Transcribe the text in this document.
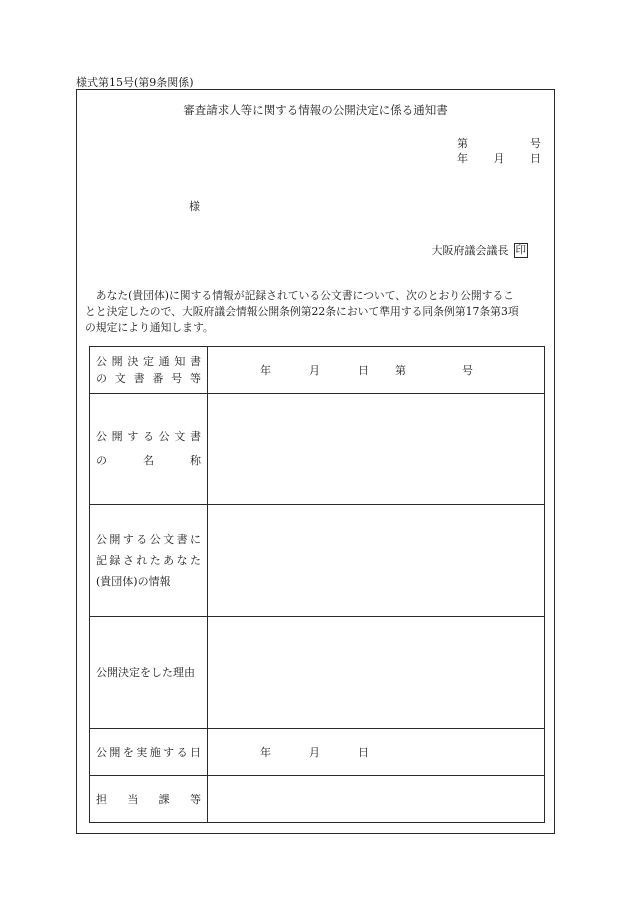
様式第15号(第9条関係)
審査請求人等に関する情報の公開決定に係る通知書
第	号
年 月 日
様
大阪府議会議長 印
あなた(貴団体)に関する情報が記録されている公文書について、次のとおり公開するこ
とと決定したので、大阪府議会情報公開条例第22条において準用する同条例第17条第3項
の規定により通知します。
公開決定通知書
の文書番号等	年 月 日 第 号

公開する公文書
の　名　称	

公開する公文書に
記録されたあなた
(貴団体)の情報	

公開決定をした理由	

公開を実施する日	年 月 日

担　当　課　等	
